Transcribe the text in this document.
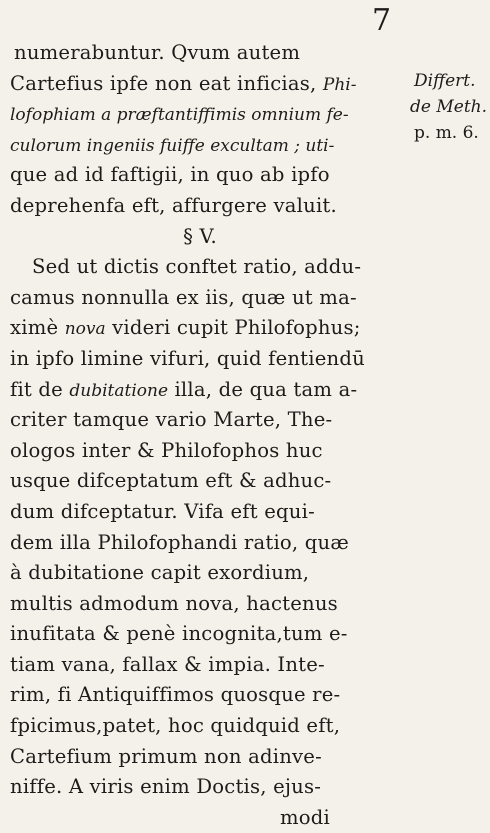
7
numerabuntur. Qvum autem
Cartefius ipfe non eat inficias, Phi-
lofophiam a præftantiffimis omnium fe-
culorum ingeniis fuiffe excultam ; uti-
que ad id faftigii, in quo ab ipfo
deprehenfa eft, affurgere valuit.
§ V.
Sed ut dictis conftet ratio, addu-
camus nonnulla ex iis, quæ ut ma-
ximè nova videri cupit Philofophus;
in ipfo limine vifuri, quid fentiendū
fit de dubitatione illa, de qua tam a-
criter tamque vario Marte, The-
ologos inter & Philofophos huc
usque difceptatum eft & adhuc-
dum difceptatur. Vifa eft equi-
dem illa Philofophandi ratio, quæ
à dubitatione capit exordium,
multis admodum nova, hactenus
inufitata & penè incognita,tum e-
tiam vana, fallax & impia. Inte-
rim, fi Antiquiffimos quosque re-
fpicimus,patet, hoc quidquid eft,
Cartefium primum non adinve-
niffe. A viris enim Doctis, ejus-
modi
Differt.
de Meth.
p. m. 6.
